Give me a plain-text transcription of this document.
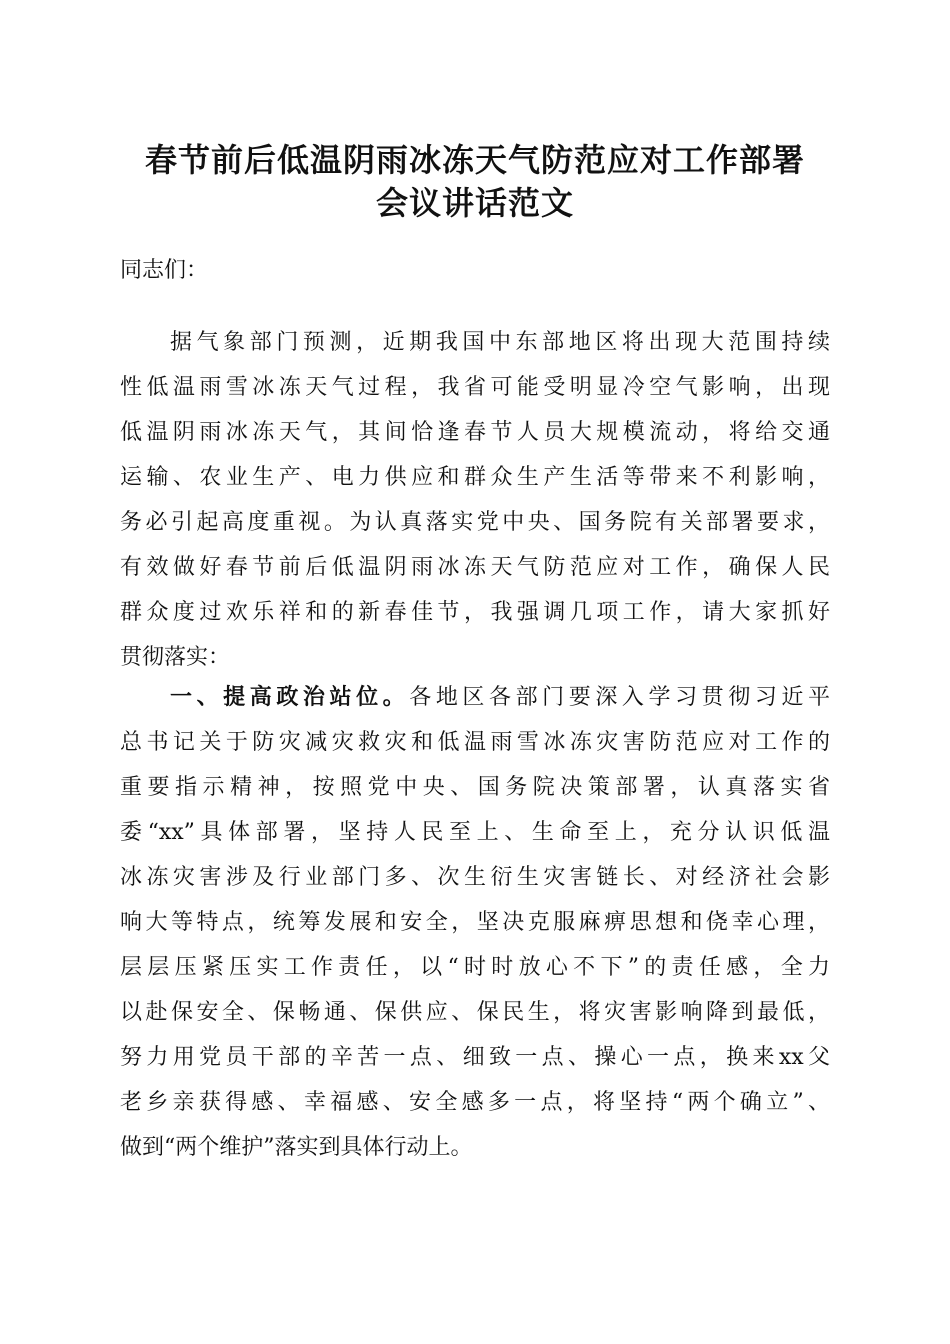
春节前后低温阴雨冰冻天气防范应对工作部署
会议讲话范文
同志们：
据气象部门预测，近期我国中东部地区将出现大范围持续
性低温雨雪冰冻天气过程，我省可能受明显冷空气影响，出现
低温阴雨冰冻天气，其间恰逢春节人员大规模流动，将给交通
运输、农业生产、电力供应和群众生产生活等带来不利影响，
务必引起高度重视。为认真落实党中央、国务院有关部署要求，
有效做好春节前后低温阴雨冰冻天气防范应对工作，确保人民
群众度过欢乐祥和的新春佳节，我强调几项工作，请大家抓好
贯彻落实：
一、提高政治站位。各地区各部门要深入学习贯彻习近平
总书记关于防灾减灾救灾和低温雨雪冰冻灾害防范应对工作的
重要指示精神，按照党中央、国务院决策部署，认真落实省
委“xx”具体部署，坚持人民至上、生命至上，充分认识低温
冰冻灾害涉及行业部门多、次生衍生灾害链长、对经济社会影
响大等特点，统筹发展和安全，坚决克服麻痹思想和侥幸心理，
层层压紧压实工作责任，以“时时放心不下”的责任感，全力
以赴保安全、保畅通、保供应、保民生，将灾害影响降到最低，
努力用党员干部的辛苦一点、细致一点、操心一点，换来xx父
老乡亲获得感、幸福感、安全感多一点，将坚持“两个确立”、
做到“两个维护”落实到具体行动上。
